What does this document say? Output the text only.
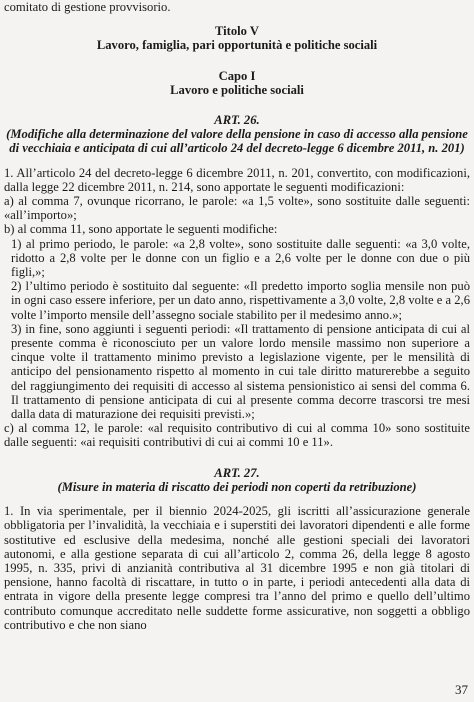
comitato di gestione provvisorio.

Titolo V

Lavoro, famiglia, pari opportunità e politiche sociali

Capo I

Lavoro e politiche sociali

ART. 26.

(Modifiche alla determinazione del valore della pensione in caso di accesso alla pensione di vecchiaia e anticipata di cui all’articolo 24 del decreto-legge 6 dicembre 2011, n. 201)

1. All’articolo 24 del decreto-legge 6 dicembre 2011, n. 201, convertito, con modificazioni, dalla legge 22 dicembre 2011, n. 214, sono apportate le seguenti modificazioni:

a) al comma 7, ovunque ricorrano, le parole: «a 1,5 volte», sono sostituite dalle seguenti: «all’importo»;

b) al comma 11, sono apportate le seguenti modifiche:

1) al primo periodo, le parole: «a 2,8 volte», sono sostituite dalle seguenti: «a 3,0 volte, ridotto a 2,8 volte per le donne con un figlio e a 2,6 volte per le donne con due o più figli,»;

2) l’ultimo periodo è sostituito dal seguente: «Il predetto importo soglia mensile non può in ogni caso essere inferiore, per un dato anno, rispettivamente a 3,0 volte, 2,8 volte e a 2,6 volte l’importo mensile dell’assegno sociale stabilito per il medesimo anno.»;

3) in fine, sono aggiunti i seguenti periodi: «Il trattamento di pensione anticipata di cui al presente comma è riconosciuto per un valore lordo mensile massimo non superiore a cinque volte il trattamento minimo previsto a legislazione vigente, per le mensilità di anticipo del pensionamento rispetto al momento in cui tale diritto maturerebbe a seguito del raggiungimento dei requisiti di accesso al sistema pensionistico ai sensi del comma 6. Il trattamento di pensione anticipata di cui al presente comma decorre trascorsi tre mesi dalla data di maturazione dei requisiti previsti.»;

c) al comma 12, le parole: «al requisito contributivo di cui al comma 10» sono sostituite dalle seguenti: «ai requisiti contributivi di cui ai commi 10 e 11».

ART. 27.

(Misure in materia di riscatto dei periodi non coperti da retribuzione)

1. In via sperimentale, per il biennio 2024-2025, gli iscritti all’assicurazione generale obbligatoria per l’invalidità, la vecchiaia e i superstiti dei lavoratori dipendenti e alle forme sostitutive ed esclusive della medesima, nonché alle gestioni speciali dei lavoratori autonomi, e alla gestione separata di cui all’articolo 2, comma 26, della legge 8 agosto 1995, n. 335, privi di anzianità contributiva al 31 dicembre 1995 e non già titolari di pensione, hanno facoltà di riscattare, in tutto o in parte, i periodi antecedenti alla data di entrata in vigore della presente legge compresi tra l’anno del primo e quello dell’ultimo contributo comunque accreditato nelle suddette forme assicurative, non soggetti a obbligo contributivo e che non siano

37
